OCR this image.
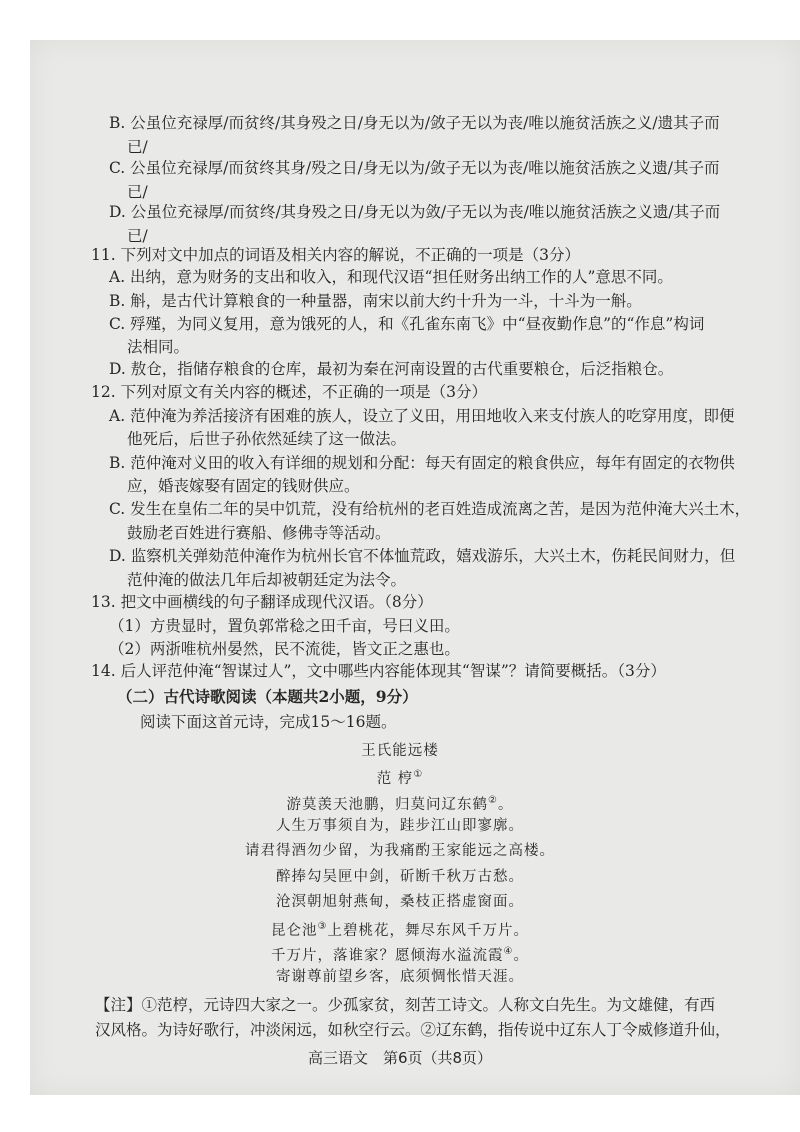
B. 公虽位充禄厚/而贫终/其身殁之日/身无以为/敛子无以为丧/唯以施贫活族之义/遗其子而
已/
C. 公虽位充禄厚/而贫终其身/殁之日/身无以为/敛子无以为丧/唯以施贫活族之义遗/其子而
已/
D. 公虽位充禄厚/而贫终/其身殁之日/身无以为敛/子无以为丧/唯以施贫活族之义遗/其子而
已/
11. 下列对文中加点的词语及相关内容的解说，不正确的一项是（3分）
A. 出纳，意为财务的支出和收入，和现代汉语“担任财务出纳工作的人”意思不同。
B. 斛，是古代计算粮食的一种量器，南宋以前大约十升为一斗，十斗为一斛。
C. 殍殣，为同义复用，意为饿死的人，和《孔雀东南飞》中“昼夜勤作息”的“作息”构词
法相同。
D. 敖仓，指储存粮食的仓库，最初为秦在河南设置的古代重要粮仓，后泛指粮仓。
12. 下列对原文有关内容的概述，不正确的一项是（3分）
A. 范仲淹为养活接济有困难的族人，设立了义田，用田地收入来支付族人的吃穿用度，即便
他死后，后世子孙依然延续了这一做法。
B. 范仲淹对义田的收入有详细的规划和分配：每天有固定的粮食供应，每年有固定的衣物供
应，婚丧嫁娶有固定的钱财供应。
C. 发生在皇佑二年的吴中饥荒，没有给杭州的老百姓造成流离之苦，是因为范仲淹大兴土木，
鼓励老百姓进行赛船、修佛寺等活动。
D. 监察机关弹劾范仲淹作为杭州长官不体恤荒政，嬉戏游乐，大兴土木，伤耗民间财力，但
范仲淹的做法几年后却被朝廷定为法令。
13. 把文中画横线的句子翻译成现代汉语。（8分）
（1）方贵显时，置负郭常稔之田千亩，号曰义田。
（2）两浙唯杭州晏然，民不流徙，皆文正之惠也。
14. 后人评范仲淹“智谋过人”，文中哪些内容能体现其“智谋”？请简要概括。（3分）
（二）古代诗歌阅读（本题共2小题，9分）
阅读下面这首元诗，完成15～16题。
王氏能远楼
范 梈①
游莫羡天池鹏，归莫问辽东鹤②。
人生万事须自为，跬步江山即寥廓。
请君得酒勿少留，为我痛酌王家能远之高楼。
醉捧勾吴匣中剑，斫断千秋万古愁。
沧溟朝旭射燕甸，桑枝正搭虚窗面。
昆仑池③上碧桃花，舞尽东风千万片。
千万片，落谁家？愿倾海水溢流霞④。
寄谢尊前望乡客，底须惆怅惜天涯。
【注】①范梈，元诗四大家之一。少孤家贫，刻苦工诗文。人称文白先生。为文雄健，有西
高三语文　第6页（共8页）
汉风格。为诗好歌行，冲淡闲远，如秋空行云。②辽东鹤，指传说中辽东人丁令威修道升仙，
